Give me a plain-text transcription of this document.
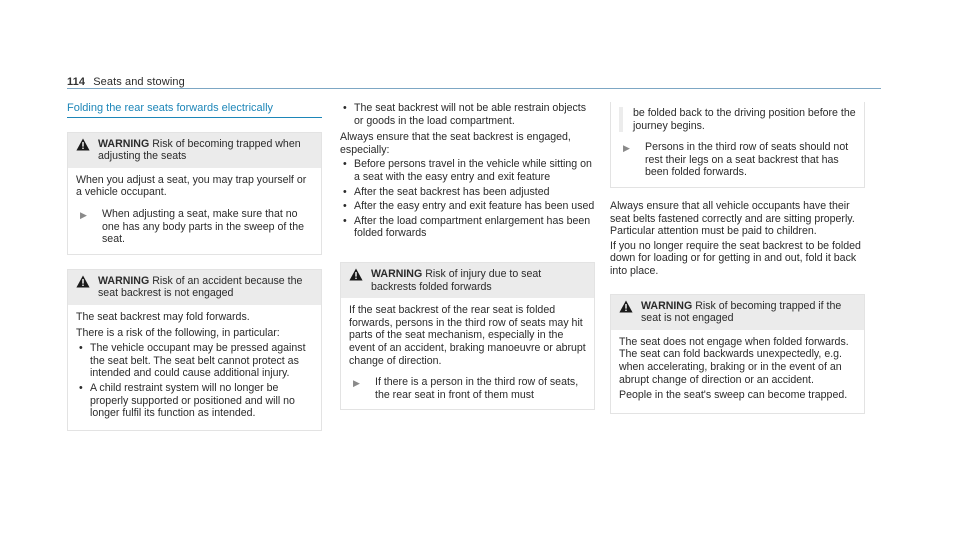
114 Seats and stowing
Folding the rear seats forwards electrically
WARNING Risk of becoming trapped when adjusting the seats

When you adjust a seat, you may trap yourself or a vehicle occupant.

▶	When adjusting a seat, make sure that no one has any body parts in the sweep of the seat.
WARNING Risk of an accident because the seat backrest is not engaged

The seat backrest may fold forwards.

There is a risk of the following, in particular:

• The vehicle occupant may be pressed against the seat belt. The seat belt cannot protect as intended and could cause additional injury.
• A child restraint system will no longer be properly supported or positioned and will no longer fulfil its function as intended.
• The seat backrest will not be able restrain objects or goods in the load compartment.

Always ensure that the seat backrest is engaged, especially:

• Before persons travel in the vehicle while sitting on a seat with the easy entry and exit feature
• After the seat backrest has been adjusted
• After the easy entry and exit feature has been used
• After the load compartment enlargement has been folded forwards
WARNING Risk of injury due to seat backrests folded forwards

If the seat backrest of the rear seat is folded forwards, persons in the third row of seats may hit parts of the seat mechanism, especially in the event of an accident, braking manoeuvre or abrupt change of direction.

▶	If there is a person in the third row of seats, the rear seat in front of them must
be folded back to the driving position before the journey begins.
▶	Persons in the third row of seats should not rest their legs on a seat backrest that has been folded forwards.

Always ensure that all vehicle occupants have their seat belts fastened correctly and are sitting properly. Particular attention must be paid to children.

If you no longer require the seat backrest to be folded down for loading or for getting in and out, fold it back into place.

WARNING Risk of becoming trapped if the seat is not engaged

The seat does not engage when folded forwards. The seat can fold backwards unexpectedly, e.g. when accelerating, braking or in the event of an abrupt change of direction or an accident.

People in the seat's sweep can become trapped.
